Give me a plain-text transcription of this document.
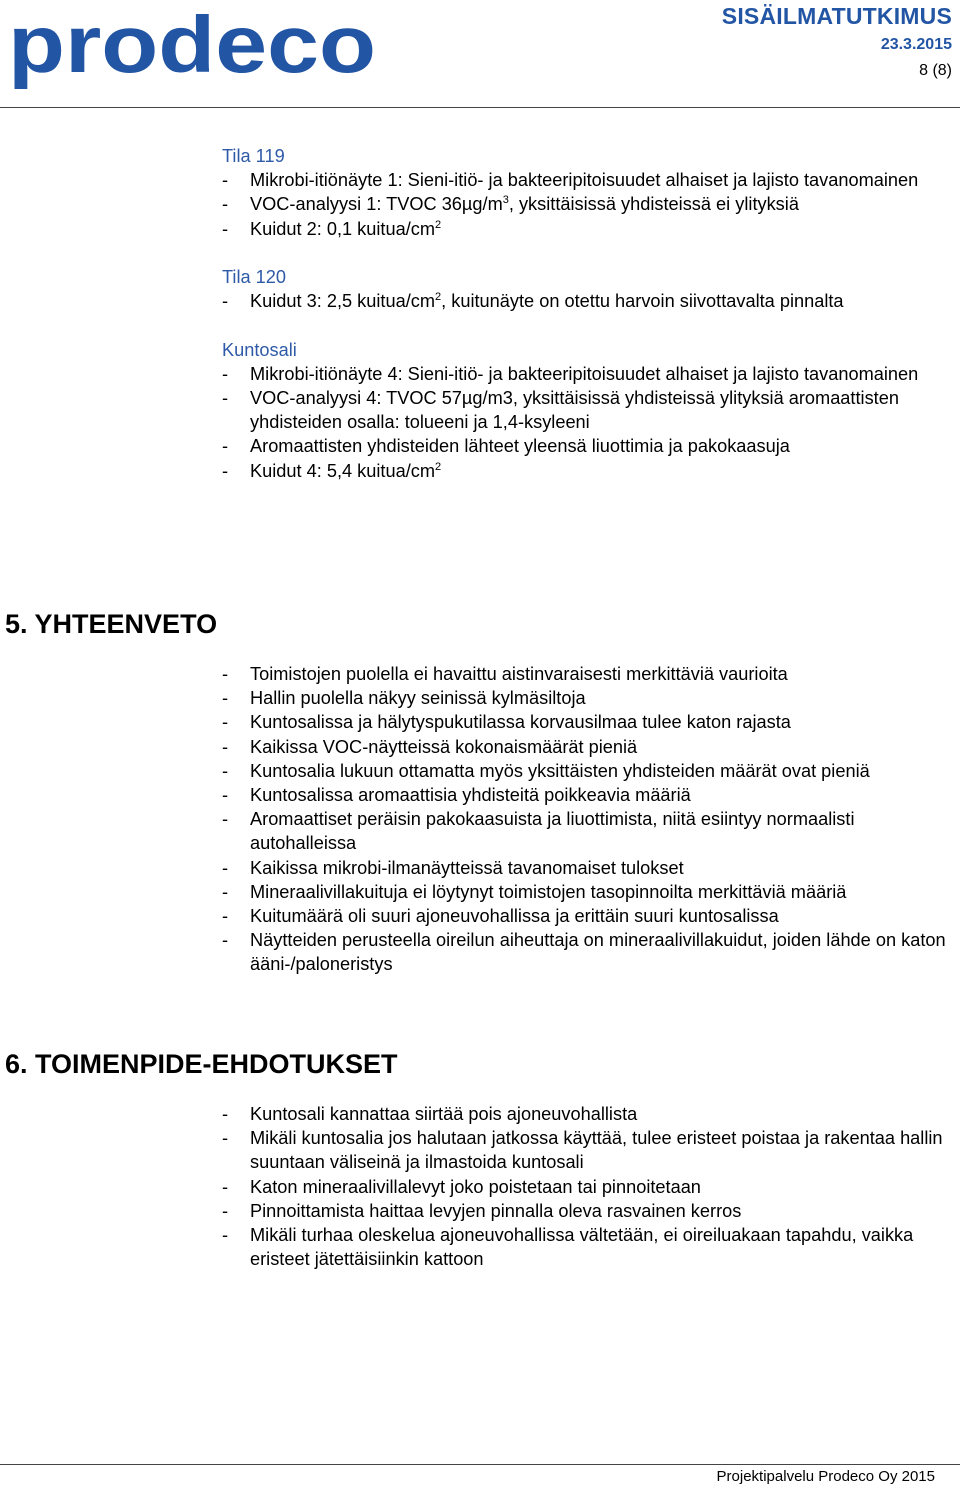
prodeco	SISÄILMATUTKIMUS
23.3.2015
8 (8)
Tila 119
- Mikrobi-itiönäyte 1: Sieni-itiö- ja bakteeripitoisuudet alhaiset ja lajisto tavanomainen
- VOC-analyysi 1: TVOC $36\mu g/m^3$, yksittäisissä yhdisteissä ei ylityksiä
- Kuidut 2: 0,1 kuitua/$cm^2$
Tila 120
- Kuidut 3: 2,5 kuitua/$cm^2$, kuitunäyte on otettu harvoin siivottavalta pinnalta
Kuntosali
- Mikrobi-itiönäyte 4: Sieni-itiö- ja bakteeripitoisuudet alhaiset ja lajisto tavanomainen
- VOC-analyysi 4: TVOC 57µg/m3, yksittäisissä yhdisteissä ylityksiä aromaattisten yhdisteiden osalla: tolueeni ja 1,4-ksyleeni
- Aromaattisten yhdisteiden lähteet yleensä liuottimia ja pakokaasuja
- Kuidut 4: 5,4 kuitua/$cm^2$
5. YHTEENVETO
- Toimistojen puolella ei havaittu aistinvaraisesti merkittäviä vaurioita
- Hallin puolella näkyy seinissä kylmäsiltoja
- Kuntosalissa ja hälytyspukutilassa korvausilmaa tulee katon rajasta
- Kaikissa VOC-näytteissä kokonaismäärät pieniä
- Kuntosalia lukuun ottamatta myös yksittäisten yhdisteiden määrät ovat pieniä
- Kuntosalissa aromaattisia yhdisteitä poikkeavia määriä
- Aromaattiset peräisin pakokaasuista ja liuottimista, niitä esiintyy normaalisti autohalleissa
- Kaikissa mikrobi-ilmanäytteissä tavanomaiset tulokset
- Mineraalivillakuituja ei löytynyt toimistojen tasopinnoilta merkittäviä määriä
- Kuitumäärä oli suuri ajoneuvohallissa ja erittäin suuri kuntosalissa
- Näytteiden perusteella oireilun aiheuttaja on mineraalivillakuidut, joiden lähde on katon ääni-/paloneristys
6. TOIMENPIDE-EHDOTUKSET
- Kuntosali kannattaa siirtää pois ajoneuvohallista
- Mikäli kuntosalia jos halutaan jatkossa käyttää, tulee eristeet poistaa ja rakentaa hallin suuntaan väliseinä ja ilmastoida kuntosali
- Katon mineraalivillalevyt joko poistetaan tai pinnoitetaan
- Pinnoittamista haittaa levyjen pinnalla oleva rasvainen kerros
- Mikäli turhaa oleskelua ajoneuvohallissa vältetään, ei oireiluakaan tapahdu, vaikka eristeet jätettäisiinkin kattoon
Projektipalvelu Prodeco Oy 2015
